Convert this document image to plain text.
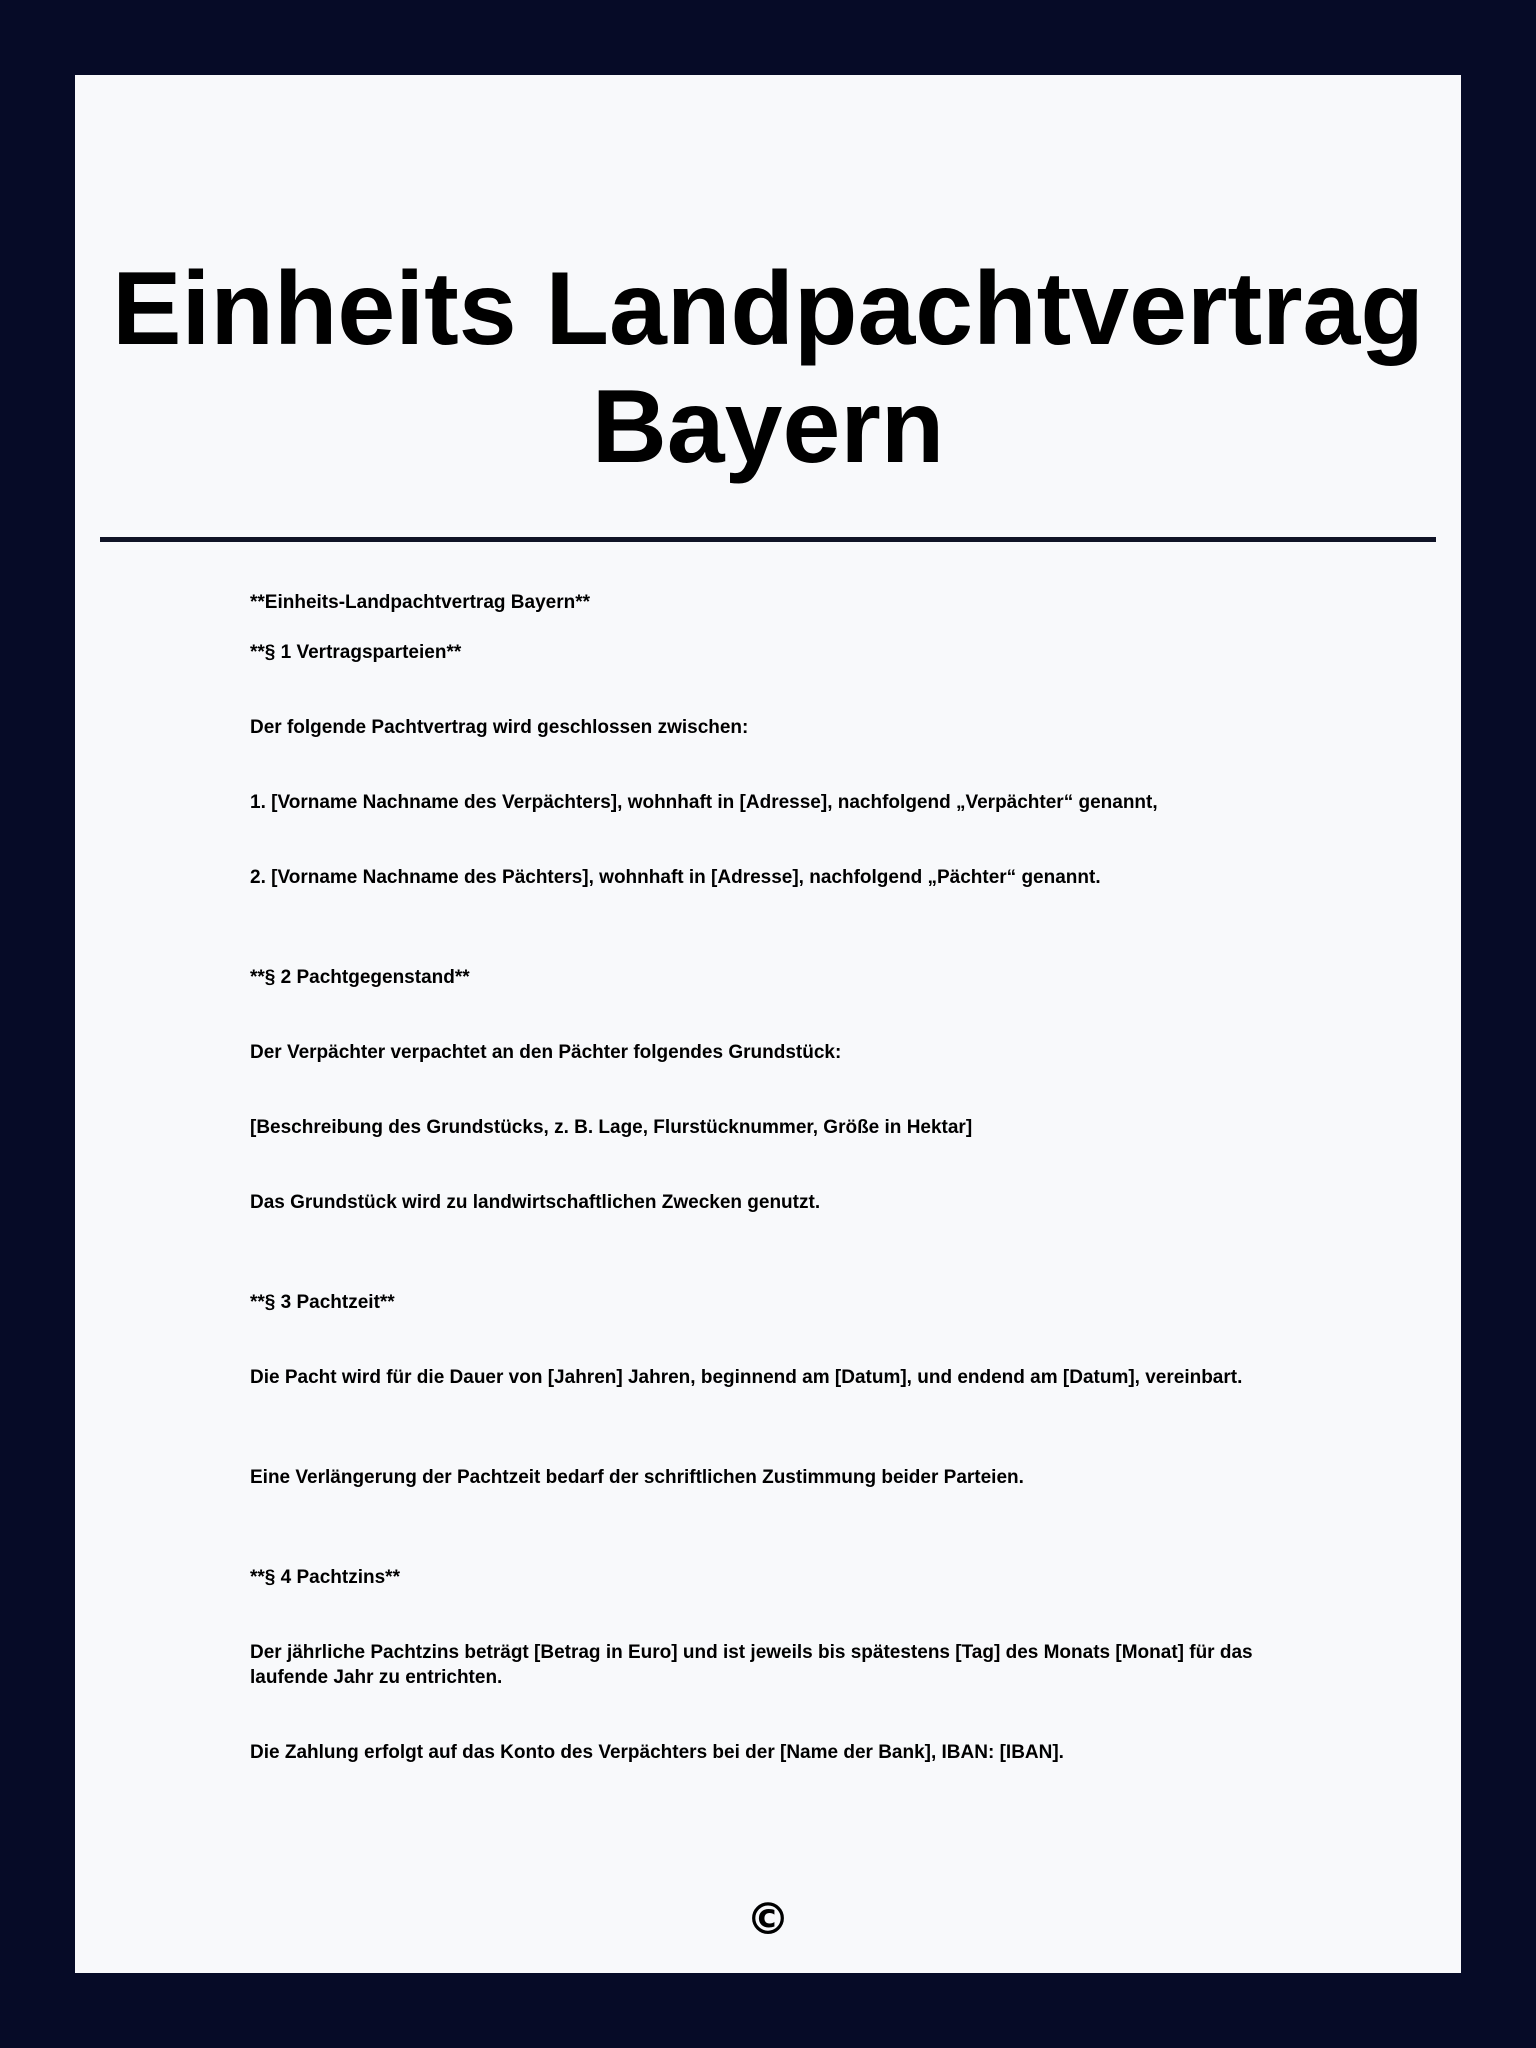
Einheits Landpachtvertrag Bayern

**Einheits-Landpachtvertrag Bayern**

**§ 1 Vertragsparteien**

Der folgende Pachtvertrag wird geschlossen zwischen:

1. [Vorname Nachname des Verpächters], wohnhaft in [Adresse], nachfolgend „Verpächter“ genannt,

2. [Vorname Nachname des Pächters], wohnhaft in [Adresse], nachfolgend „Pächter“ genannt.

**§ 2 Pachtgegenstand**

Der Verpächter verpachtet an den Pächter folgendes Grundstück:

[Beschreibung des Grundstücks, z. B. Lage, Flurstücknummer, Größe in Hektar]

Das Grundstück wird zu landwirtschaftlichen Zwecken genutzt.

**§ 3 Pachtzeit**

Die Pacht wird für die Dauer von [Jahren] Jahren, beginnend am [Datum], und endend am [Datum], vereinbart.

Eine Verlängerung der Pachtzeit bedarf der schriftlichen Zustimmung beider Parteien.

**§ 4 Pachtzins**

Der jährliche Pachtzins beträgt [Betrag in Euro] und ist jeweils bis spätestens [Tag] des Monats [Monat] für das laufende Jahr zu entrichten.

Die Zahlung erfolgt auf das Konto des Verpächters bei der [Name der Bank], IBAN: [IBAN].

©
